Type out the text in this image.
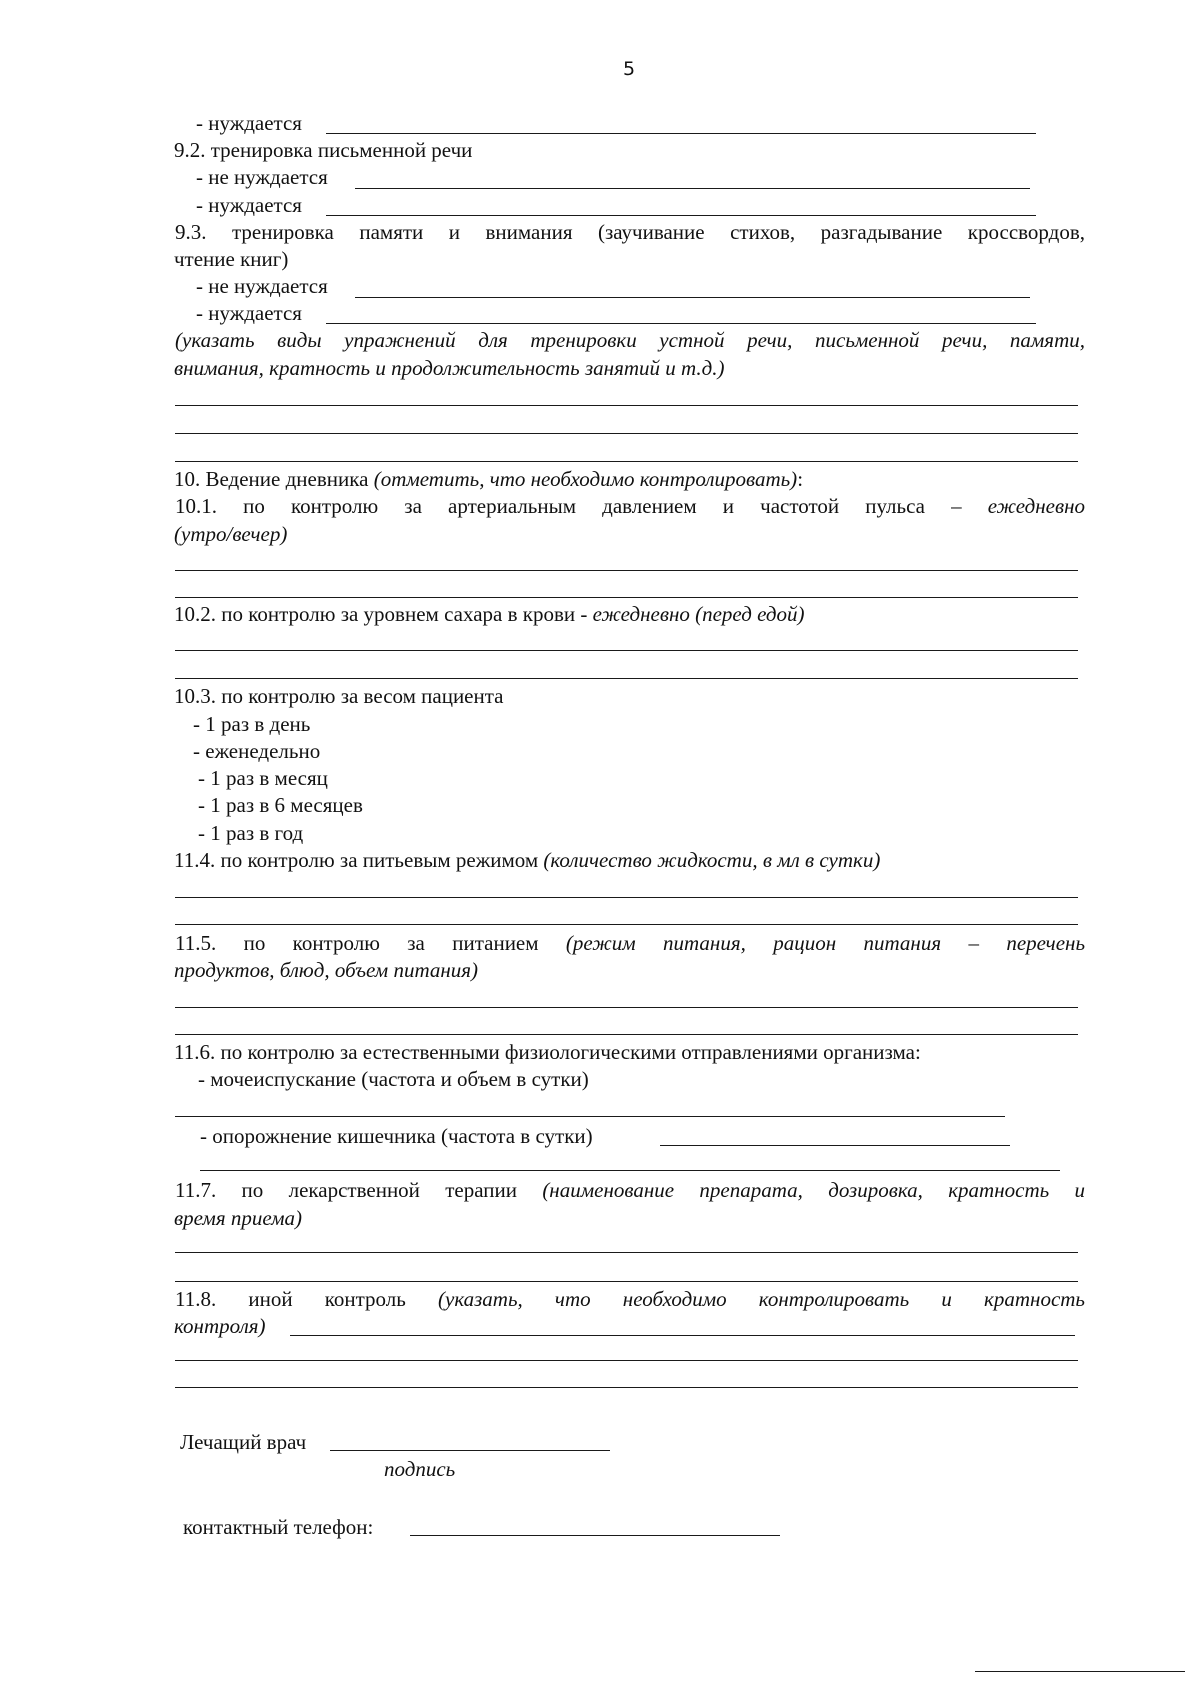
5
- нуждается
9.2. тренировка письменной речи
- не нуждается
- нуждается
9.3. тренировка памяти и внимания (заучивание стихов, разгадывание кроссвордов,
чтение книг)
- не нуждается
- нуждается
(указать виды упражнений для тренировки устной речи, письменной речи, памяти,
внимания, кратность и продолжительность занятий и т.д.)
10. Ведение дневника (отметить, что необходимо контролировать):
10.1. по контролю за артериальным давлением и частотой пульса – ежедневно
(утро/вечер)
10.2. по контролю за уровнем сахара в крови - ежедневно (перед едой)
10.3. по контролю за весом пациента
- 1 раз в день
- еженедельно
- 1 раз в месяц
- 1 раз в 6 месяцев
- 1 раз в год
11.4. по контролю за питьевым режимом (количество жидкости, в мл в сутки)
11.5. по контролю за питанием (режим питания, рацион питания – перечень
продуктов, блюд, объем питания)
11.6. по контролю за естественными физиологическими отправлениями организма:
- мочеиспускание (частота и объем в сутки)
- опорожнение кишечника (частота в сутки)
11.7. по лекарственной терапии (наименование препарата, дозировка, кратность и
время приема)
11.8. иной контроль (указать, что необходимо контролировать и кратность
контроля)
Лечащий врач
подпись
контактный телефон:
